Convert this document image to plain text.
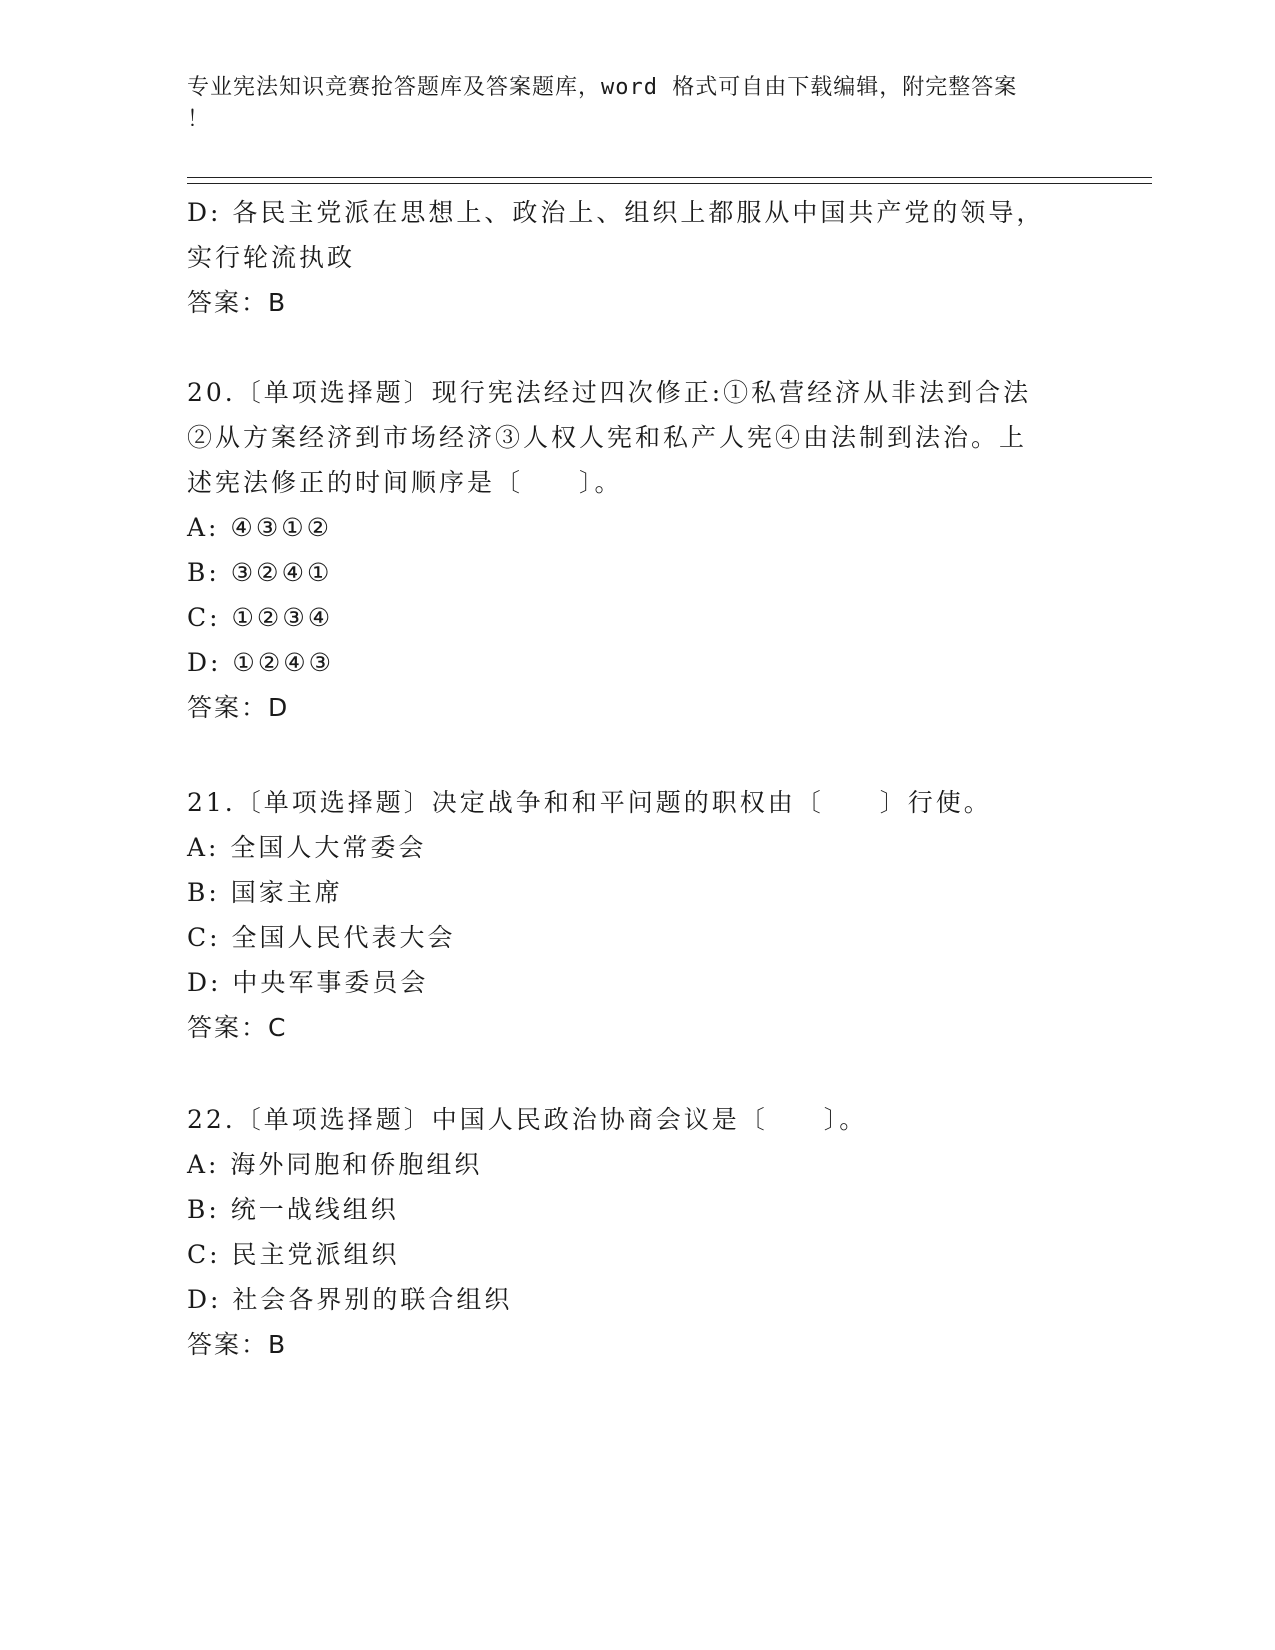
专业宪法知识竞赛抢答题库及答案题库，word 格式可自由下载编辑，附完整答案
！
D: 各民主党派在思想上、政治上、组织上都服从中国共产党的领导，
实行轮流执政
答案：B
20.〔单项选择题〕现行宪法经过四次修正:①私营经济从非法到合法
②从方案经济到市场经济③人权人宪和私产人宪④由法制到法治。上
述宪法修正的时间顺序是〔　　〕。
A: ④③①②
B: ③②④①
C: ①②③④
D: ①②④③
答案：D
21.〔单项选择题〕决定战争和和平问题的职权由〔　　〕行使。
A: 全国人大常委会
B: 国家主席
C: 全国人民代表大会
D: 中央军事委员会
答案：C
22.〔单项选择题〕中国人民政治协商会议是〔　　〕。
A: 海外同胞和侨胞组织
B: 统一战线组织
C: 民主党派组织
D: 社会各界别的联合组织
答案：B
